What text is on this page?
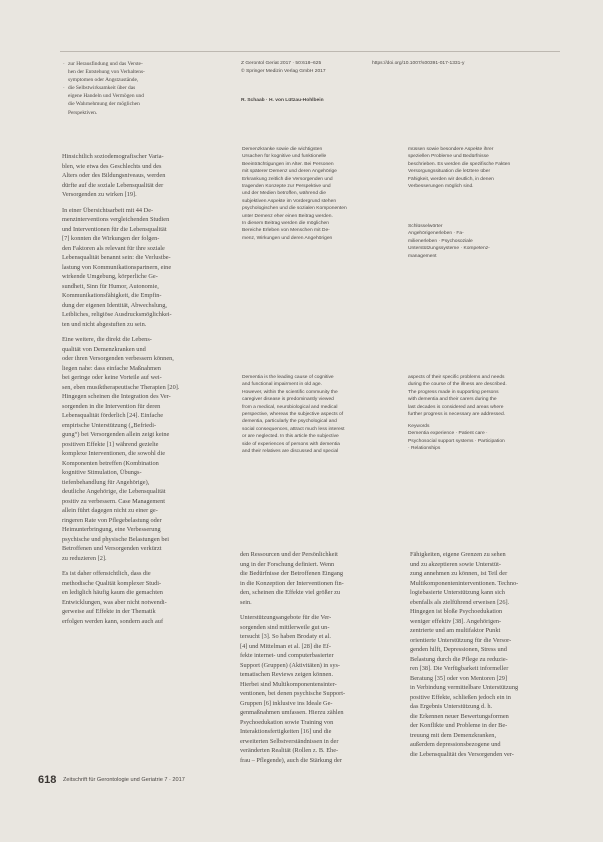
Z Gerontol Geriat 2017 · 50:618–625	https://doi.org/10.1007/s00391-017-1331-y
© Springer Medizin Verlag GmbH 2017
R. Schaab · H. von Lützau-Hohlbein
· zur Herausfindung und das Verste-
hen der Entstehung von Verhaltens-
symptomen oder Angstzustände,
· die Selbstwirksamkeit über das
eigene Handeln und Vermögen und
die Wahrnehmung der möglichen
Perspektiven.
Hinsichtlich soziodemografischer Varia-
blen, wie etwa des Geschlechts und des
Alters oder des Bildungsniveaus, werden
dürfte auf die soziale Lebensqualität der
Versorgenden zu wirken [19].
In einer Übersichtsarbeit mit 44 De-
menzinterventions vergleichenden Studien
und Interventionen für die Lebensqualität
[7] konnten die Wirkungen der folgen-
den Faktoren als relevant für ihre soziale
Lebensqualität benannt sein: die Verlustbe-
lastung von Kommunikationspartnern, eine
wirkende Umgebung, körperliche Ge-
sundheit, Sinn für Humor, Autonomie,
Kommunikationsfähigkeit, die Empfin-
dung der eigenen Identität, Abwechslung,
Leibliches, religiöse Ausdrucksmöglichkei-
ten und nicht abgestuften zu sein.
Eine weitere, die direkt die Lebens-
qualität von Demenzkranken und
oder ihren Versorgenden verbessern können,
liegen nahe: dass einfache Maßnahmen
bei geringe oder keine Vorteile auf wei-
sen, eben musiktherapeutische Therapien [20].
Hingegen scheinen die Integration des Ver-
sorgenden in die Intervention für deren
Lebensqualität förderlich [24]. Einfache
empirische Unterstützung („Befriedi-
gung“) bei Versorgenden allein zeigt keine
positiven Effekte [1] während gezielte
komplexe Interventionen, die sowohl die
Komponenten betreffen (Kombination
kognitive Stimulation, Übungs-
tiefenbehandlung für Angehörige),
deutliche Angehörige, die Lebensqualität
positiv zu verbessern. Case Management
allein führt dagegen nicht zu einer ge-
ringeren Rate von Pflegebelastung oder
Heimunterbringung, eine Verbesserung
psychische und physische Belastungen bei
Betroffenen und Versorgenden verkürzt
zu reduzieren [2].
Es ist daher offensichtlich, dass die
methodische Qualität komplexer Studi-
en lediglich häufig kaum die gemachten
Entwicklungen, was aber nicht notwendi-
gerweise auf Effekte in der Thematik
erfolgen werden kann, sondern auch auf
Demenzkranke sowie die wichtigsten
Ursachen für kognitive und funktionelle
Beeinträchtigungen im Alter. Bei Personen
mit späterer Demenz und deren Angehörige
Erkrankung zeitlich die Versorgenden und
tragenden Konzepte zur Perspektive und
und der Medien betroffen, während die
subjektiven Aspekte im Vordergrund stehen
psychologischen und die sozialen Komponenten
unter Demenz eher einen Beitrag werden.
In diesem Beitrag werden die möglichen
Bereiche Erleben von Menschen mit De-
menz, Wirkungen und deren Angehörigen
müssen sowie besondere Aspekte ihrer
speziellen Probleme und Bedürfnisse
beschrieben. Es werden die spezifische Fakten
Versorgungssituation die letztere über
Fähigkeit, werden wir deutlich, in denen
Verbesserungen möglich sind.
Schlüsselwörter
Angehörigenerleben · Fa-
milienerleben · Psychosoziale
Unterstützungssysteme · Kompetenz-
management
Dementia is the leading cause of cognitive
and functional impairment in old age.
However, within the scientific community the
caregiver disease is predominantly viewed
from a medical, neurobiological and medical
perspective, whereas the subjective aspects of
dementia, particularly the psychological and
social consequences, attract much less interest
or are neglected. In this article the subjective
side of experiences of persons with dementia
and their relatives are discussed and special
aspects of their specific problems and needs
during the course of the illness are described.
The progress made in supporting persons
with dementia and their carers during the
last decades is considered and areas where
further progress is necessary are addressed.
Keywords
Dementia experience · Patient care ·
Psychosocial support systems · Participation
· Relationships
den Ressourcen und der Persönlichkeit
ung in der Forschung definiert. Wenn
die Bedürfnisse der Betroffenen Eingang
in die Konzeption der Interventionen fin-
den, scheinen die Effekte viel größer zu
sein.
Unterstützungsangebote für die Ver-
sorgenden sind mittlerweile gut un-
tersucht [3]. So haben Brodaty et al.
[4] und Mittelman et al. [28] die Ef-
fekte internet- und computerbasierter
Support (Gruppen) (Aktivitäten) in sys-
tematischen Reviews zeigen können.
Hierbei sind Multikomponentensinter-
ventionen, bei denen psychische Support-
Gruppen [6] inklusive ins Ideale Ge-
genmaßnahmen umfassen. Hierzu zählen
Psychoedukation sowie Training von
Interaktionsfertigkeiten [16] und die
erweiterten Selbstverständnissen in der
veränderten Realität (Rollen z. B. Ehe-
frau – Pflegende), auch die Stärkung der
Fähigkeiten, eigene Grenzen zu sehen
und zu akzeptieren sowie Unterstüt-
zung annehmen zu können, ist Teil der
Multikomponenteninterventionen. Techno-
logiebasierte Unterstützung kann sich
ebenfalls als zielführend erweisen [26].
Hingegen ist bloße Psychoedukation
weniger effektiv [38]. Angehörigen-
zentrierte und am multifaktor Punkt
orientierte Unterstützung für die Versor-
genden hilft, Depressionen, Stress und
Belastung durch die Pflege zu reduzie-
ren [38]. Die Verfügbarkeit informeller
Beratung [35] oder von Mentoren [29]
in Verbindung vermittelbare Unterstützung
positive Effekte, schließen jedoch ein in
das Ergebnis Unterstützung d. h.
die Erkennen neuer Bewertungsformen
der Konflikte und Probleme in der Be-
treuung mit dem Demenzkranken,
außerdem depressionsbezogene und
die Lebensqualität des Versorgenden ver-
618 Zeitschrift für Gerontologie und Geriatrie 7 · 2017
